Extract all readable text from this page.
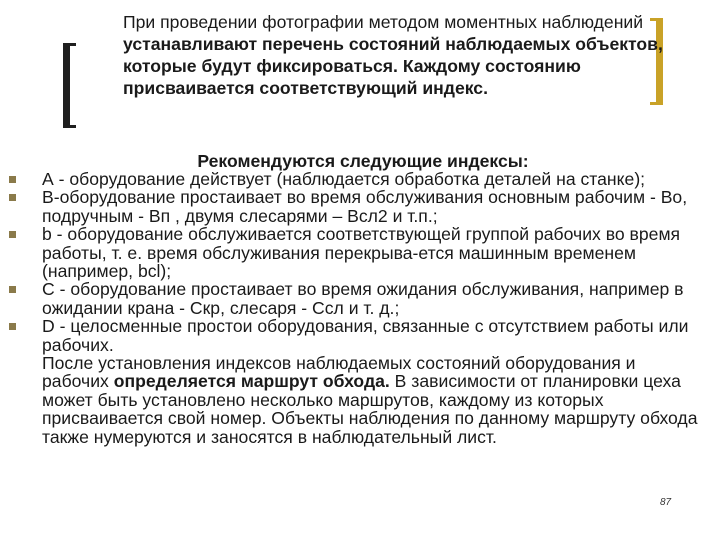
При проведении фотографии методом моментных наблюдений устанавливают перечень состояний наблюдаемых объектов, которые будут фиксироваться. Каждому состоянию присваивается соответствующий индекс.

Рекомендуются следующие индексы:

А - оборудование действует (наблюдается обработка деталей на станке);
В-оборудование простаивает во время обслуживания основным рабочим - Во, подручным - Вп , двумя слесарями – Всл2 и т.п.;
b - оборудование обслуживается соответствующей группой рабочих во время работы, т. е. время обслуживания перекрыва-ется машинным временем (например, bсl);
С - оборудование простаивает во время ожидания обслуживания, например в ожидании крана - Скр, слесаря - Ссл и т. д.;
D - целосменные простои оборудования, связанные с отсутствием работы или рабочих.
После установления индексов наблюдаемых состояний оборудования и рабочих определяется маршрут обхода. В зависимости от планировки цеха может быть установлено несколько маршрутов, каждому из которых присваивается свой номер. Объекты наблюдения по данному маршруту обхода также нумеруются и заносятся в наблюдательный лист.
87
